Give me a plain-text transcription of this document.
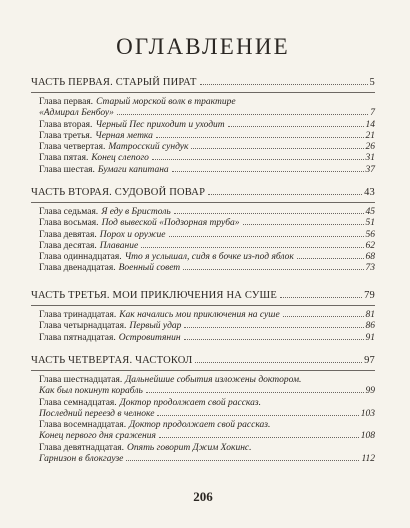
ОГЛАВЛЕНИЕ
ЧАСТЬ ПЕРВАЯ. СТАРЫЙ ПИРАТ	5
Глава первая. Старый морской волк в трактире
«Адмирал Бенбоу»	7
Глава вторая. Черный Пес приходит и уходит	14
Глава третья. Черная метка	21
Глава четвертая. Матросский сундук	26
Глава пятая. Конец слепого	31
Глава шестая. Бумаги капитана	37
ЧАСТЬ ВТОРАЯ. СУДОВОЙ ПОВАР	43
Глава седьмая. Я еду в Бристоль	45
Глава восьмая. Под вывеской «Подзорная труба»	51
Глава девятая. Порох и оружие	56
Глава десятая. Плавание	62
Глава одиннадцатая. Что я услышал, сидя в бочке из-под яблок	68
Глава двенадцатая. Военный совет	73
ЧАСТЬ ТРЕТЬЯ. МОИ ПРИКЛЮЧЕНИЯ НА СУШЕ	79
Глава тринадцатая. Как начались мои приключения на суше	81
Глава четырнадцатая. Первый удар	86
Глава пятнадцатая. Островитянин	91
ЧАСТЬ ЧЕТВЕРТАЯ. ЧАСТОКОЛ	97
Глава шестнадцатая. Дальнейшие события изложены доктором.
Как был покинут корабль	99
Глава семнадцатая. Доктор продолжает свой рассказ.
Последний переезд в челноке	103
Глава восемнадцатая. Доктор продолжает свой рассказ.
Конец первого дня сражения	108
Глава девятнадцатая. Опять говорит Джим Хокинс.
Гарнизон в блокгаузе	112
206
